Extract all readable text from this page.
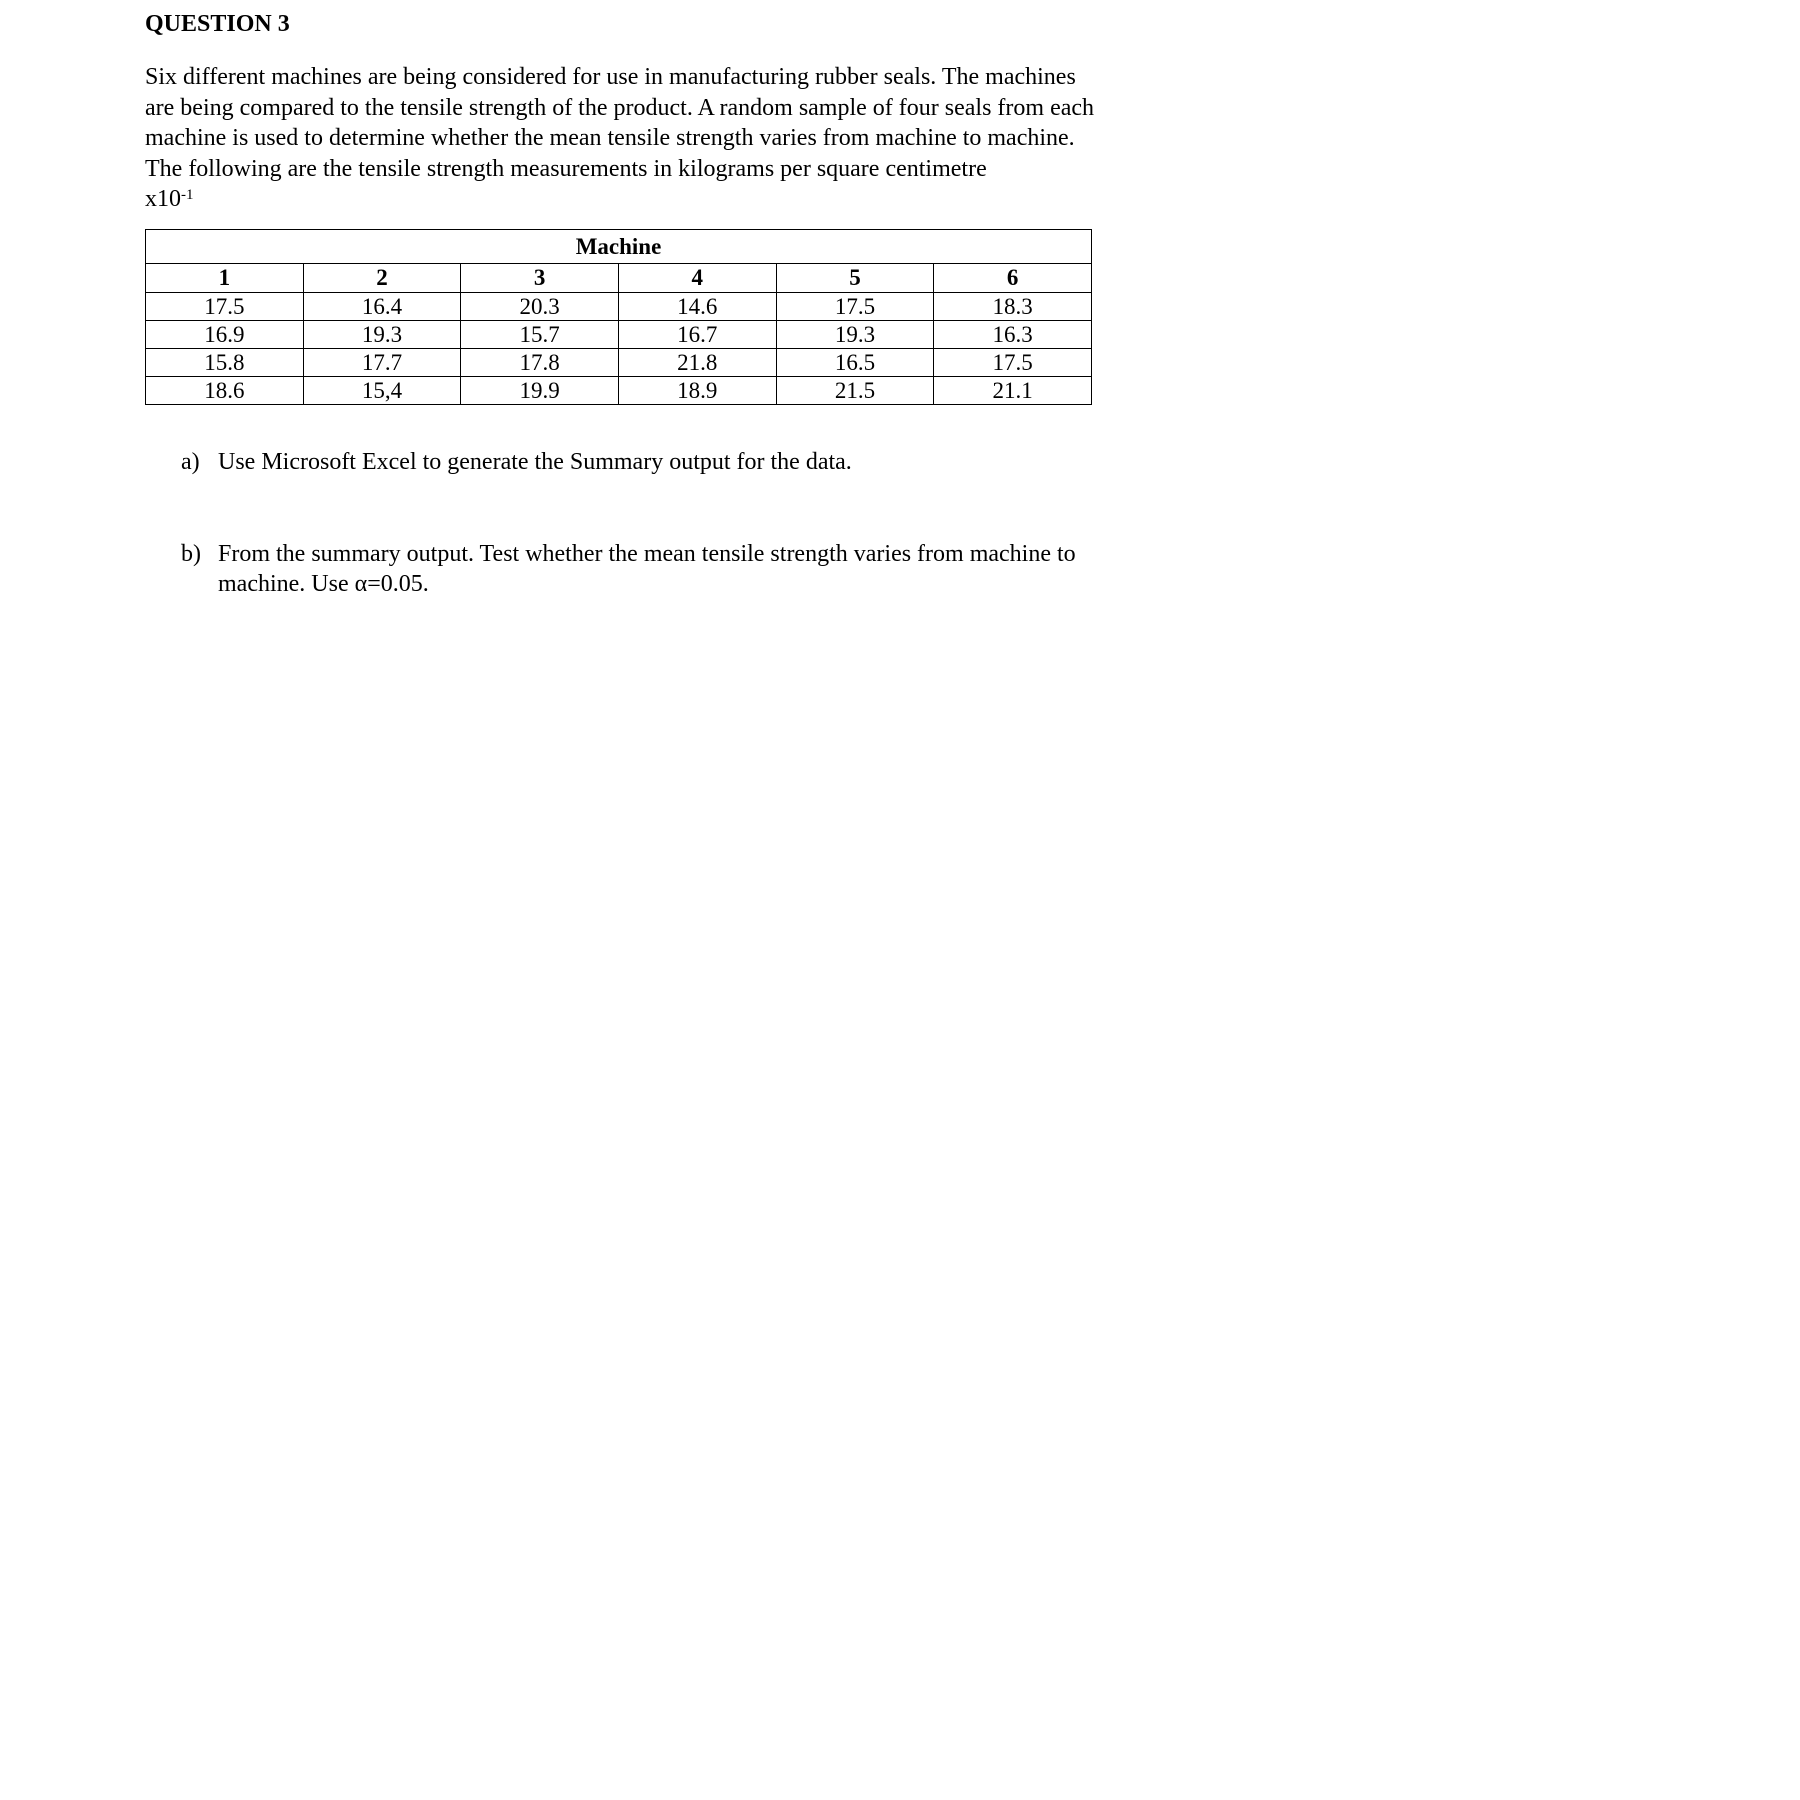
QUESTION 3
Six different machines are being considered for use in manufacturing rubber seals. The machines are being compared to the tensile strength of the product. A random sample of four seals from each machine is used to determine whether the mean tensile strength varies from machine to machine. The following are the tensile strength measurements in kilograms per square centimetre
$x10^{-1}$
Machine					
1	2	3	4	5	6
17.5	16.4	20.3	14.6	17.5	18.3
16.9	19.3	15.7	16.7	19.3	16.3
15.8	17.7	17.8	21.8	16.5	17.5
18.6	15,4	19.9	18.9	21.5	21.1
a) Use Microsoft Excel to generate the Summary output for the data.
b) From the summary output. Test whether the mean tensile strength varies from machine to machine. Use α=0.05.
